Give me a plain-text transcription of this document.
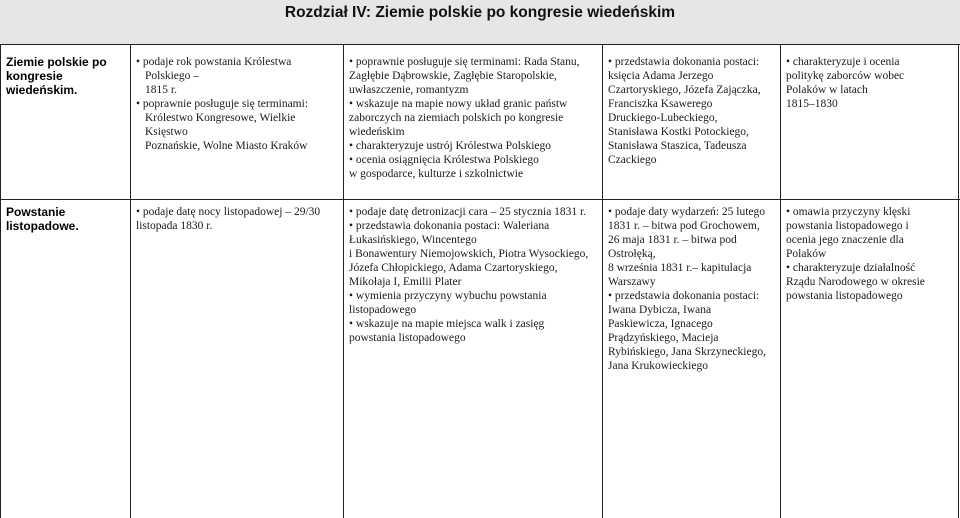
Rozdział IV: Ziemie polskie po kongresie wiedeńskim
Ziemie polskie po
kongresie
wiedeńskim.
• podaje rok powstania Królestwa
Polskiego –
1815 r.
• poprawnie posługuje się terminami:
Królestwo Kongresowe, Wielkie Księstwo
Poznańskie, Wolne Miasto Kraków
• poprawnie posługuje się terminami: Rada Stanu,
Zagłębie Dąbrowskie, Zagłębie Staropolskie,
uwłaszczenie, romantyzm
• wskazuje na mapie nowy układ granic państw
zaborczych na ziemiach polskich po kongresie
wiedeńskim
• charakteryzuje ustrój Królestwa Polskiego
• ocenia osiągnięcia Królestwa Polskiego
w gospodarce, kulturze i szkolnictwie
• przedstawia dokonania postaci:
księcia Adama Jerzego
Czartoryskiego, Józefa Zajączka,
Franciszka Ksawerego
Druckiego-Lubeckiego,
Stanisława Kostki Potockiego,
Stanisława Staszica, Tadeusza
Czackiego
• charakteryzuje i ocenia
politykę zaborców wobec
Polaków w latach
1815‒1830
Powstanie
listopadowe.
• podaje datę nocy listopadowej – 29/30
listopada 1830 r.
• podaje datę detronizacji cara – 25 stycznia 1831 r.
• przedstawia dokonania postaci: Waleriana
Łukasińskiego, Wincentego
i Bonawentury Niemojowskich, Piotra Wysockiego,
Józefa Chłopickiego, Adama Czartoryskiego,
Mikołaja I, Emilii Plater
• wymienia przyczyny wybuchu powstania
listopadowego
• wskazuje na mapie miejsca walk i zasięg
powstania listopadowego
• podaje daty wydarzeń: 25 lutego
1831 r. – bitwa pod Grochowem,
26 maja 1831 r. – bitwa pod
Ostrołęką,
8 września 1831 r.– kapitulacja
Warszawy
• przedstawia dokonania postaci:
Iwana Dybicza, Iwana
Paskiewicza, Ignacego
Prądzyńskiego, Macieja
Rybińskiego, Jana Skrzyneckiego,
Jana Krukowieckiego
• omawia przyczyny klęski
powstania listopadowego i
ocenia jego znaczenie dla
Polaków
• charakteryzuje działalność
Rządu Narodowego w okresie
powstania listopadowego
